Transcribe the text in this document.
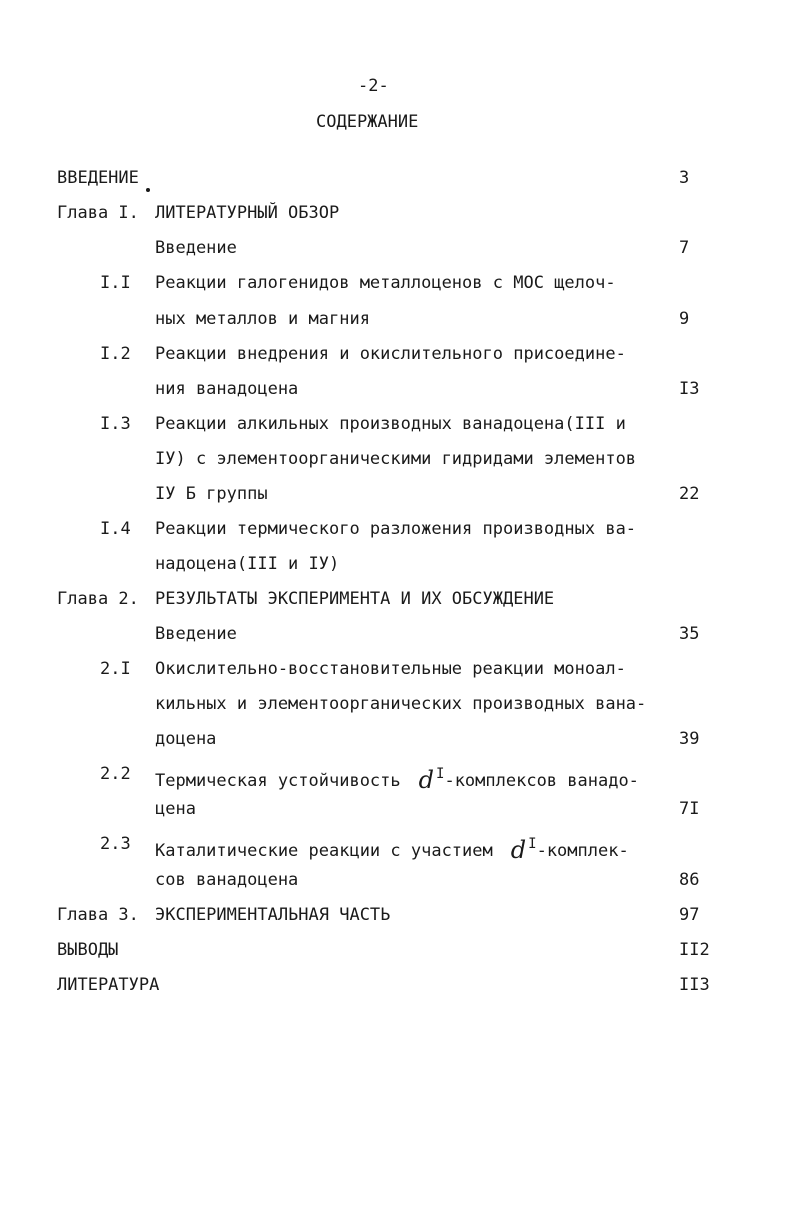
-2-
СОДЕРЖАНИЕ
ВВЕДЕНИЕ	3
Глава I. ЛИТЕРАТУРНЫЙ ОБЗОР
Введение	7
I.I Реакции галогенидов металлоценов с МОС щелоч-
ных металлов и магния	9
I.2 Реакции внедрения и окислительного присоедине-
ния ванадоцена	I3
I.3 Реакции алкильных производных ванадоцена(III и
IУ) с элементоорганическими гидридами элементов
IУ Б группы	22
I.4 Реакции термического разложения производных ва-
надоцена(III и IУ)
Глава 2. РЕЗУЛЬТАТЫ ЭКСПЕРИМЕНТА И ИХ ОБСУЖДЕНИЕ
Введение	35
2.I Окислительно-восстановительные реакции моноал-
кильных и элементоорганических производных вана-
доцена	39
2.2 Термическая устойчивость d $^I$-комплексов ванадо-
цена	7I
2.3 Каталитические реакции с участием d $^I$-комплек-
сов ванадоцена	86
Глава 3. ЭКСПЕРИМЕНТАЛЬНАЯ ЧАСТЬ	97
ВЫВОДЫ	II2
ЛИТЕРАТУРА	II3
